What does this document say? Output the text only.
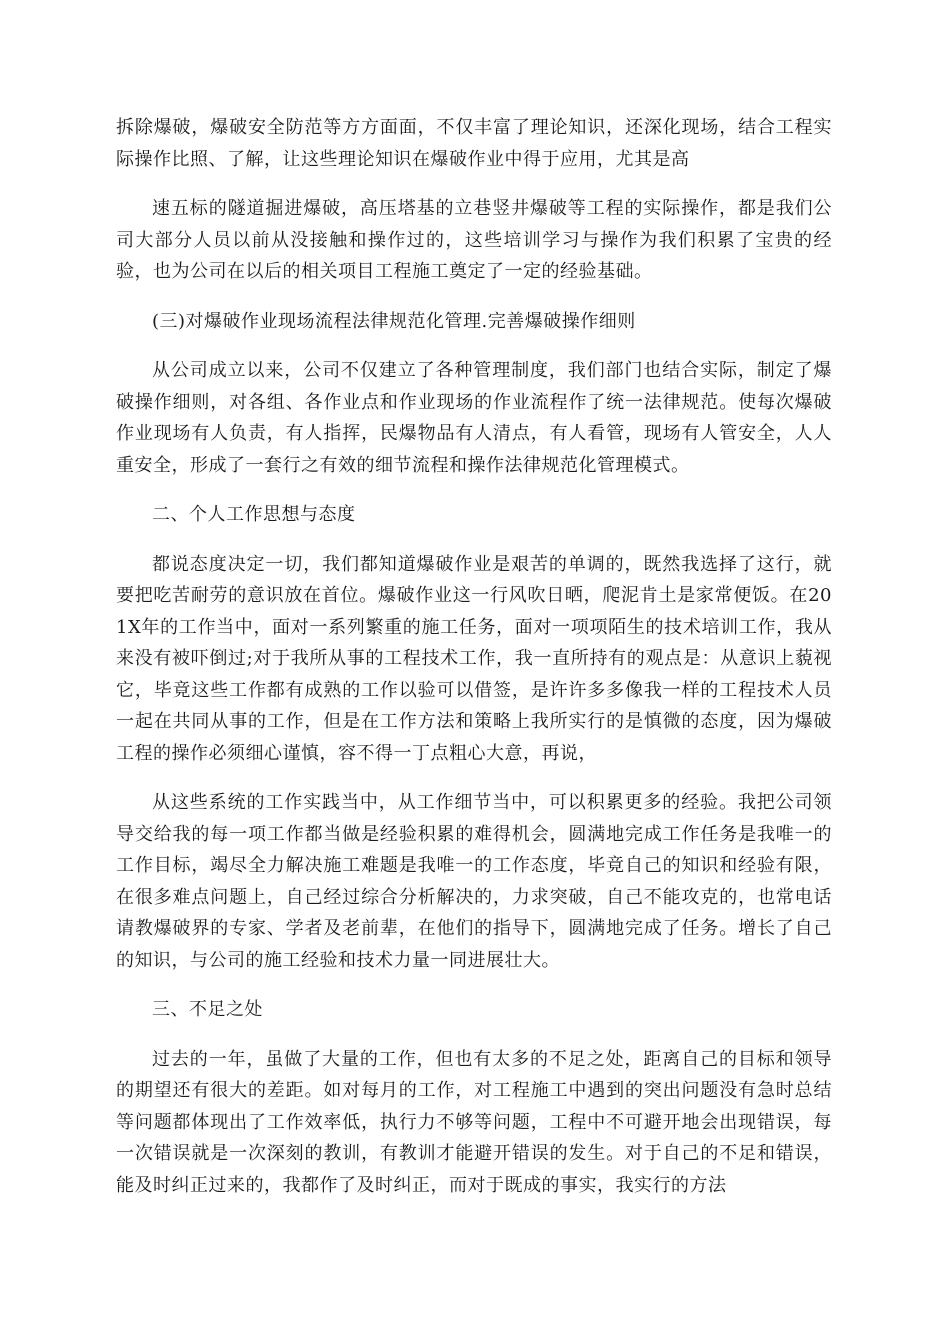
拆除爆破，爆破安全防范等方方面面，不仅丰富了理论知识，还深化现场，结合工程实际操作比照、了解，让这些理论知识在爆破作业中得于应用，尤其是高

速五标的隧道掘进爆破，高压塔基的立巷竖井爆破等工程的实际操作，都是我们公司大部分人员以前从没接触和操作过的，这些培训学习与操作为我们积累了宝贵的经验，也为公司在以后的相关项目工程施工奠定了一定的经验基础。

(三)对爆破作业现场流程法律规范化管理.完善爆破操作细则

从公司成立以来，公司不仅建立了各种管理制度，我们部门也结合实际，制定了爆破操作细则，对各组、各作业点和作业现场的作业流程作了统一法律规范。使每次爆破作业现场有人负责，有人指挥，民爆物品有人清点，有人看管，现场有人管安全，人人重安全，形成了一套行之有效的细节流程和操作法律规范化管理模式。

二、个人工作思想与态度

都说态度决定一切，我们都知道爆破作业是艰苦的单调的，既然我选择了这行，就要把吃苦耐劳的意识放在首位。爆破作业这一行风吹日晒，爬泥肯土是家常便饭。在201X年的工作当中，面对一系列繁重的施工任务，面对一项项陌生的技术培训工作，我从来没有被吓倒过;对于我所从事的工程技术工作，我一直所持有的观点是：从意识上藐视它，毕竟这些工作都有成熟的工作以验可以借签，是许许多多像我一样的工程技术人员一起在共同从事的工作，但是在工作方法和策略上我所实行的是慎微的态度，因为爆破工程的操作必须细心谨慎，容不得一丁点粗心大意，再说，

从这些系统的工作实践当中，从工作细节当中，可以积累更多的经验。我把公司领导交给我的每一项工作都当做是经验积累的难得机会，圆满地完成工作任务是我唯一的工作目标，竭尽全力解决施工难题是我唯一的工作态度，毕竟自己的知识和经验有限，在很多难点问题上，自己经过综合分析解决的，力求突破，自己不能攻克的，也常电话请教爆破界的专家、学者及老前辈，在他们的指导下，圆满地完成了任务。增长了自己的知识，与公司的施工经验和技术力量一同进展壮大。

三、不足之处

过去的一年，虽做了大量的工作，但也有太多的不足之处，距离自己的目标和领导的期望还有很大的差距。如对每月的工作，对工程施工中遇到的突出问题没有急时总结等问题都体现出了工作效率低，执行力不够等问题，工程中不可避开地会出现错误，每一次错误就是一次深刻的教训，有教训才能避开错误的发生。对于自己的不足和错误，能及时纠正过来的，我都作了及时纠正，而对于既成的事实，我实行的方法
